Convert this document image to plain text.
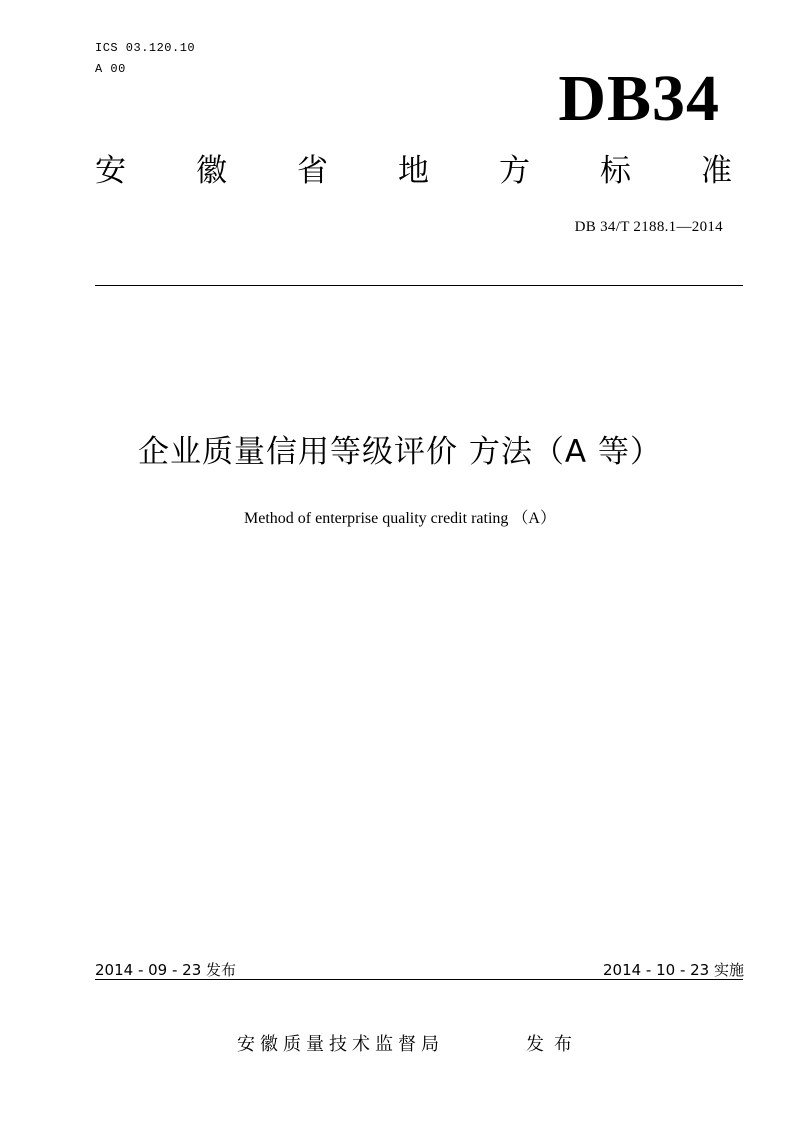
ICS 03.120.10
A 00	DB34
安 徽 省 地 方 标 准
DB 34/T 2188.1—2014
企业质量信用等级评价 方法（A 等）
Method of enterprise quality credit rating （A）
2014 - 09 - 23 发布	2014 - 10 - 23 实施
安徽质量技术监督局	发布
